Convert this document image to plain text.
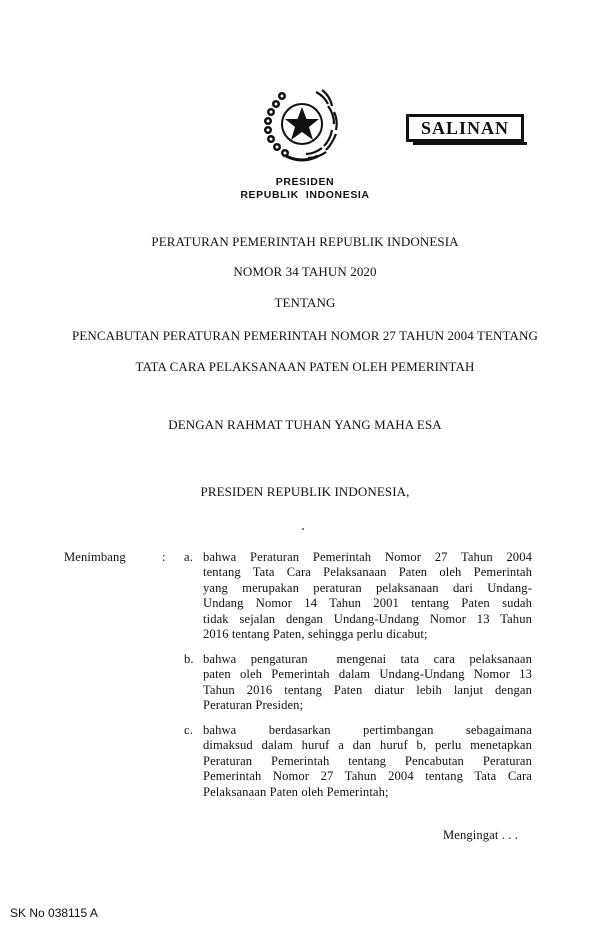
SALINAN
PRESIDEN
REPUBLIK  INDONESIA
PERATURAN PEMERINTAH REPUBLIK INDONESIA
NOMOR 34 TAHUN 2020
TENTANG
PENCABUTAN PERATURAN PEMERINTAH NOMOR 27 TAHUN 2004 TENTANG
TATA CARA PELAKSANAAN PATEN OLEH PEMERINTAH
DENGAN RAHMAT TUHAN YANG MAHA ESA
PRESIDEN REPUBLIK INDONESIA,
Menimbang	: a. bahwa Peraturan Pemerintah Nomor 27 Tahun 2004
tentang Tata Cara Pelaksanaan Paten oleh Pemerintah
yang merupakan peraturan pelaksanaan dari Undang-
Undang Nomor 14 Tahun 2001 tentang Paten sudah
tidak sejalan dengan Undang-Undang Nomor 13 Tahun
2016 tentang Paten, sehingga perlu dicabut;
b. bahwa pengaturan  mengenai tata cara pelaksanaan
paten oleh Pemerintah dalam Undang-Undang Nomor 13
Tahun 2016 tentang Paten diatur lebih lanjut dengan
Peraturan Presiden;
c. bahwa berdasarkan pertimbangan sebagaimana
dimaksud dalam huruf a dan huruf b, perlu menetapkan
Peraturan Pemerintah tentang Pencabutan Peraturan
Pemerintah Nomor 27 Tahun 2004 tentang Tata Cara
Pelaksanaan Paten oleh Pemerintah;
Mengingat . . .
SK No 038115 A
